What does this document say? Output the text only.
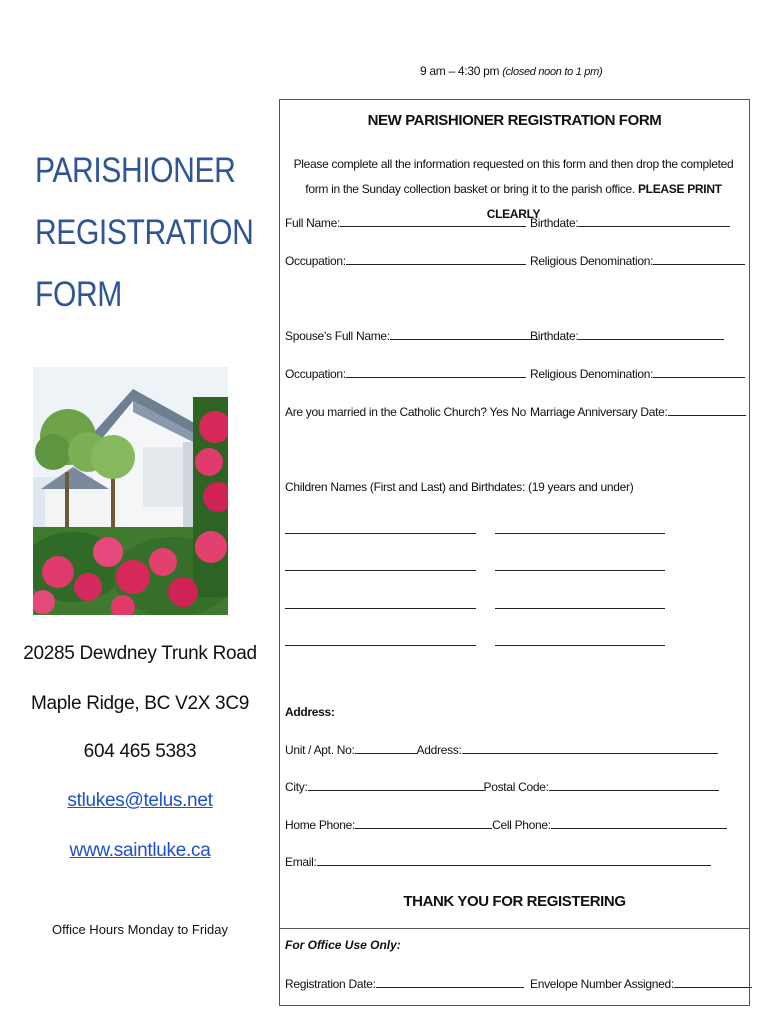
9 am – 4:30 pm (closed noon to 1 pm)
PARISHIONER
REGISTRATION
FORM
20285 Dewdney Trunk Road
Maple Ridge, BC V2X 3C9
604 465 5383
stlukes@telus.net
www.saintluke.ca
Office Hours Monday to Friday
NEW PARISHIONER REGISTRATION FORM
Please complete all the information requested on this form and then drop the completed form in the Sunday collection basket or bring it to the parish office. PLEASE PRINT CLEARLY
Full Name:	Birthdate:
Occupation:	Religious Denomination:
Spouse’s Full Name:	Birthdate:
Occupation:	Religious Denomination:
Are you married in the Catholic Church? Yes No Marriage Anniversary Date:
Children Names (First and Last) and Birthdates: (19 years and under)
Address:
Unit / Apt. No:	Address:
City:	Postal Code:
Home Phone:	Cell Phone:
Email:
THANK YOU FOR REGISTERING
For Office Use Only:
Registration Date:	Envelope Number Assigned:
